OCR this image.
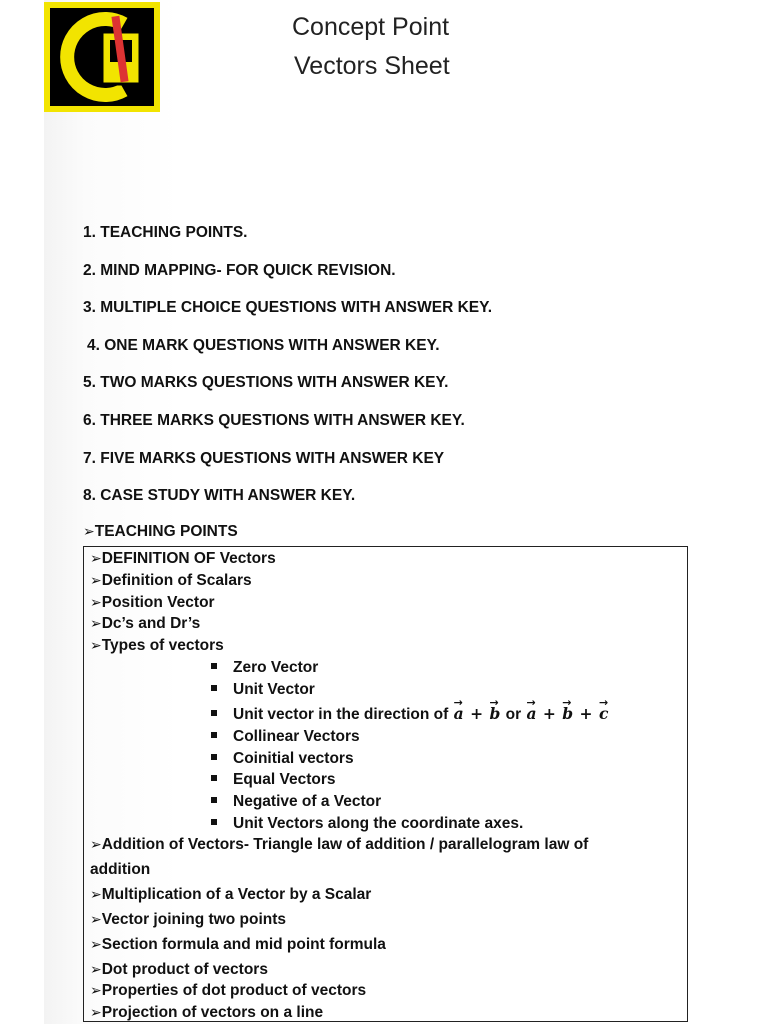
Concept Point
Vectors Sheet
1. TEACHING POINTS.
2. MIND MAPPING- FOR QUICK REVISION.
3. MULTIPLE CHOICE QUESTIONS WITH ANSWER KEY.
4. ONE MARK QUESTIONS WITH ANSWER KEY.
5. TWO MARKS QUESTIONS WITH ANSWER KEY.
6. THREE MARKS QUESTIONS WITH ANSWER KEY.
7. FIVE MARKS QUESTIONS WITH ANSWER KEY
8. CASE STUDY WITH ANSWER KEY.
➢TEACHING POINTS
➢DEFINITION OF Vectors
➢Definition of Scalars
➢Position Vector
➢Dc’s and Dr’s
➢Types of vectors
Zero Vector
Unit Vector
Unit vector in the direction of → a + → b or → a + → b + → c
Collinear Vectors
Coinitial vectors
Equal Vectors
Negative of a Vector
Unit Vectors along the coordinate axes.
➢Addition of Vectors- Triangle law of addition / parallelogram law of
addition
➢Multiplication of a Vector by a Scalar
➢Vector joining two points
➢Section formula and mid point formula
➢Dot product of vectors
➢Properties of dot product of vectors
➢Projection of vectors on a line
